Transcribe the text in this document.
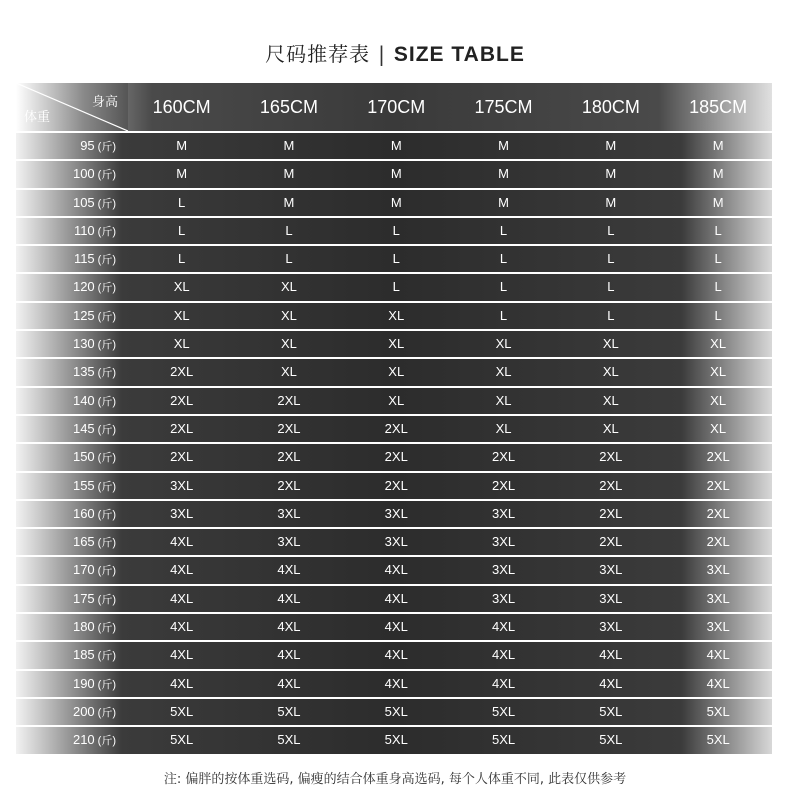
尺码推荐表 | SIZE TABLE
身高
体重
160CM	165CM	170CM	175CM	180CM	185CM
95 (斤)	M	M	M	M	M	M
100 (斤)	M	M	M	M	M	M
105 (斤)	L	M	M	M	M	M
110 (斤)	L	L	L	L	L	L
115 (斤)	L	L	L	L	L	L
120 (斤)	XL	XL	L	L	L	L
125 (斤)	XL	XL	XL	L	L	L
130 (斤)	XL	XL	XL	XL	XL	XL
135 (斤)	2XL	XL	XL	XL	XL	XL
140 (斤)	2XL	2XL	XL	XL	XL	XL
145 (斤)	2XL	2XL	2XL	XL	XL	XL
150 (斤)	2XL	2XL	2XL	2XL	2XL	2XL
155 (斤)	3XL	2XL	2XL	2XL	2XL	2XL
160 (斤)	3XL	3XL	3XL	3XL	2XL	2XL
165 (斤)	4XL	3XL	3XL	3XL	2XL	2XL
170 (斤)	4XL	4XL	4XL	3XL	3XL	3XL
175 (斤)	4XL	4XL	4XL	3XL	3XL	3XL
180 (斤)	4XL	4XL	4XL	4XL	3XL	3XL
185 (斤)	4XL	4XL	4XL	4XL	4XL	4XL
190 (斤)	4XL	4XL	4XL	4XL	4XL	4XL
200 (斤)	5XL	5XL	5XL	5XL	5XL	5XL
210 (斤)	5XL	5XL	5XL	5XL	5XL	5XL
注: 偏胖的按体重选码, 偏瘦的结合体重身高选码, 每个人体重不同, 此表仅供参考
